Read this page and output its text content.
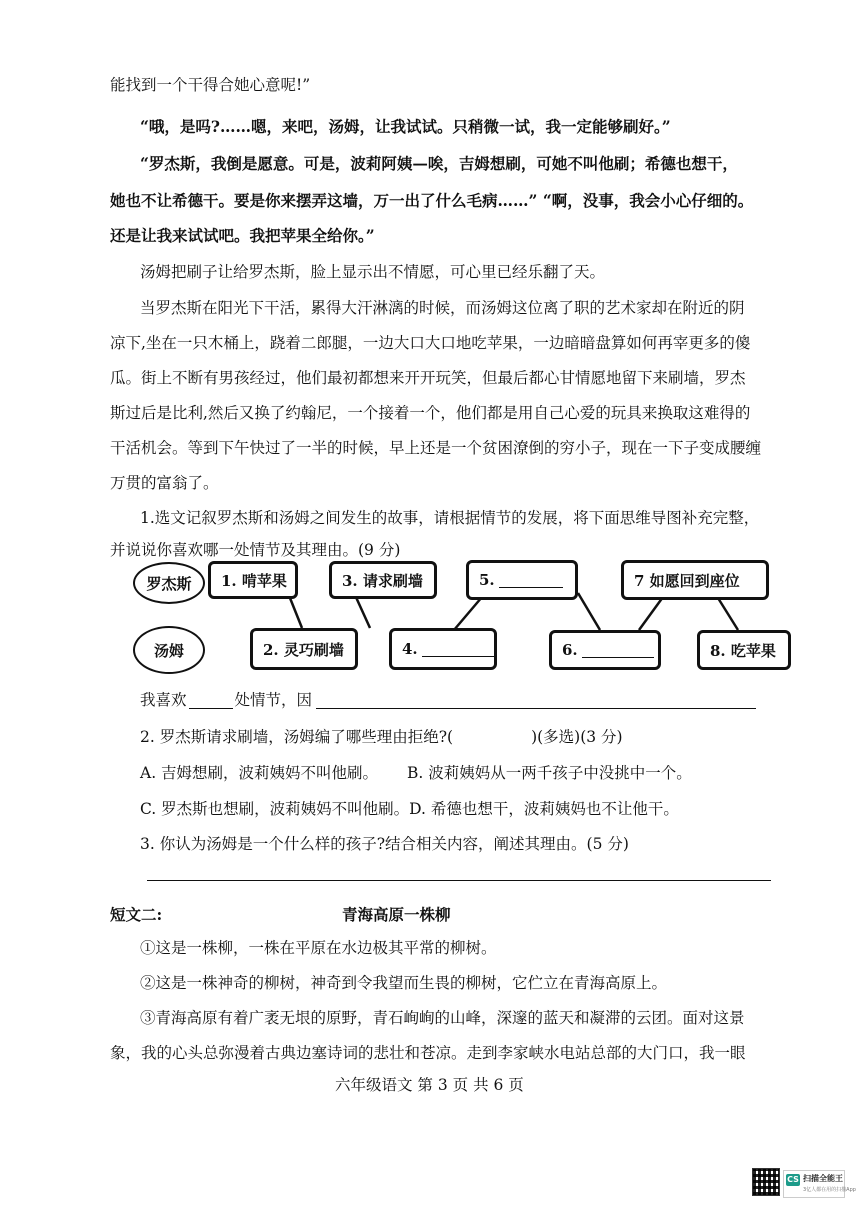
能找到一个干得合她心意呢!”
“哦，是吗?……嗯，来吧，汤姆，让我试试。只稍微一试，我一定能够刷好。”
“罗杰斯，我倒是愿意。可是，波莉阿姨—唉，吉姆想刷，可她不叫他刷；希德也想干，
她也不让希德干。要是你来摆弄这墙，万一出了什么毛病……” “啊，没事，我会小心仔细的。
还是让我来试试吧。我把苹果全给你。”
汤姆把刷子让给罗杰斯，脸上显示出不情愿，可心里已经乐翻了天。
当罗杰斯在阳光下干活，累得大汗淋漓的时候，而汤姆这位离了职的艺术家却在附近的阴
凉下,坐在一只木桶上，跷着二郎腿，一边大口大口地吃苹果，一边暗暗盘算如何再宰更多的傻
瓜。街上不断有男孩经过，他们最初都想来开开玩笑，但最后都心甘情愿地留下来刷墙，罗杰
斯过后是比利,然后又换了约翰尼，一个接着一个，他们都是用自己心爱的玩具来换取这难得的
干活机会。等到下午快过了一半的时候，早上还是一个贫困潦倒的穷小子，现在一下子变成腰缠
万贯的富翁了。
1.选文记叙罗杰斯和汤姆之间发生的故事，请根据情节的发展，将下面思维导图补充完整，
并说说你喜欢哪一处情节及其理由。(9 分)
罗杰斯
汤姆
1. 啃苹果	3. 请求刷墙	5.	7 如愿回到座位
2. 灵巧刷墙	4.	6.	8. 吃苹果
我喜欢	处情节，因
2. 罗杰斯请求刷墙，汤姆编了哪些理由拒绝?(	)(多选)(3 分)
A. 吉姆想刷，波莉姨妈不叫他刷。 B. 波莉姨妈从一两千孩子中没挑中一个。
C. 罗杰斯也想刷，波莉姨妈不叫他刷。D. 希德也想干，波莉姨妈也不让他干。
3. 你认为汤姆是一个什么样的孩子?结合相关内容，阐述其理由。(5 分)
短文二:	青海高原一株柳
①这是一株柳，一株在平原在水边极其平常的柳树。
②这是一株神奇的柳树，神奇到令我望而生畏的柳树，它伫立在青海高原上。
③青海高原有着广袤无垠的原野，青石峋峋的山峰，深邃的蓝天和凝滞的云团。面对这景
象，我的心头总弥漫着古典边塞诗词的悲壮和苍凉。走到李家峡水电站总部的大门口，我一眼
六年级语文 第 3 页 共 6 页
CS 扫描全能王
3亿人都在用的扫描App
